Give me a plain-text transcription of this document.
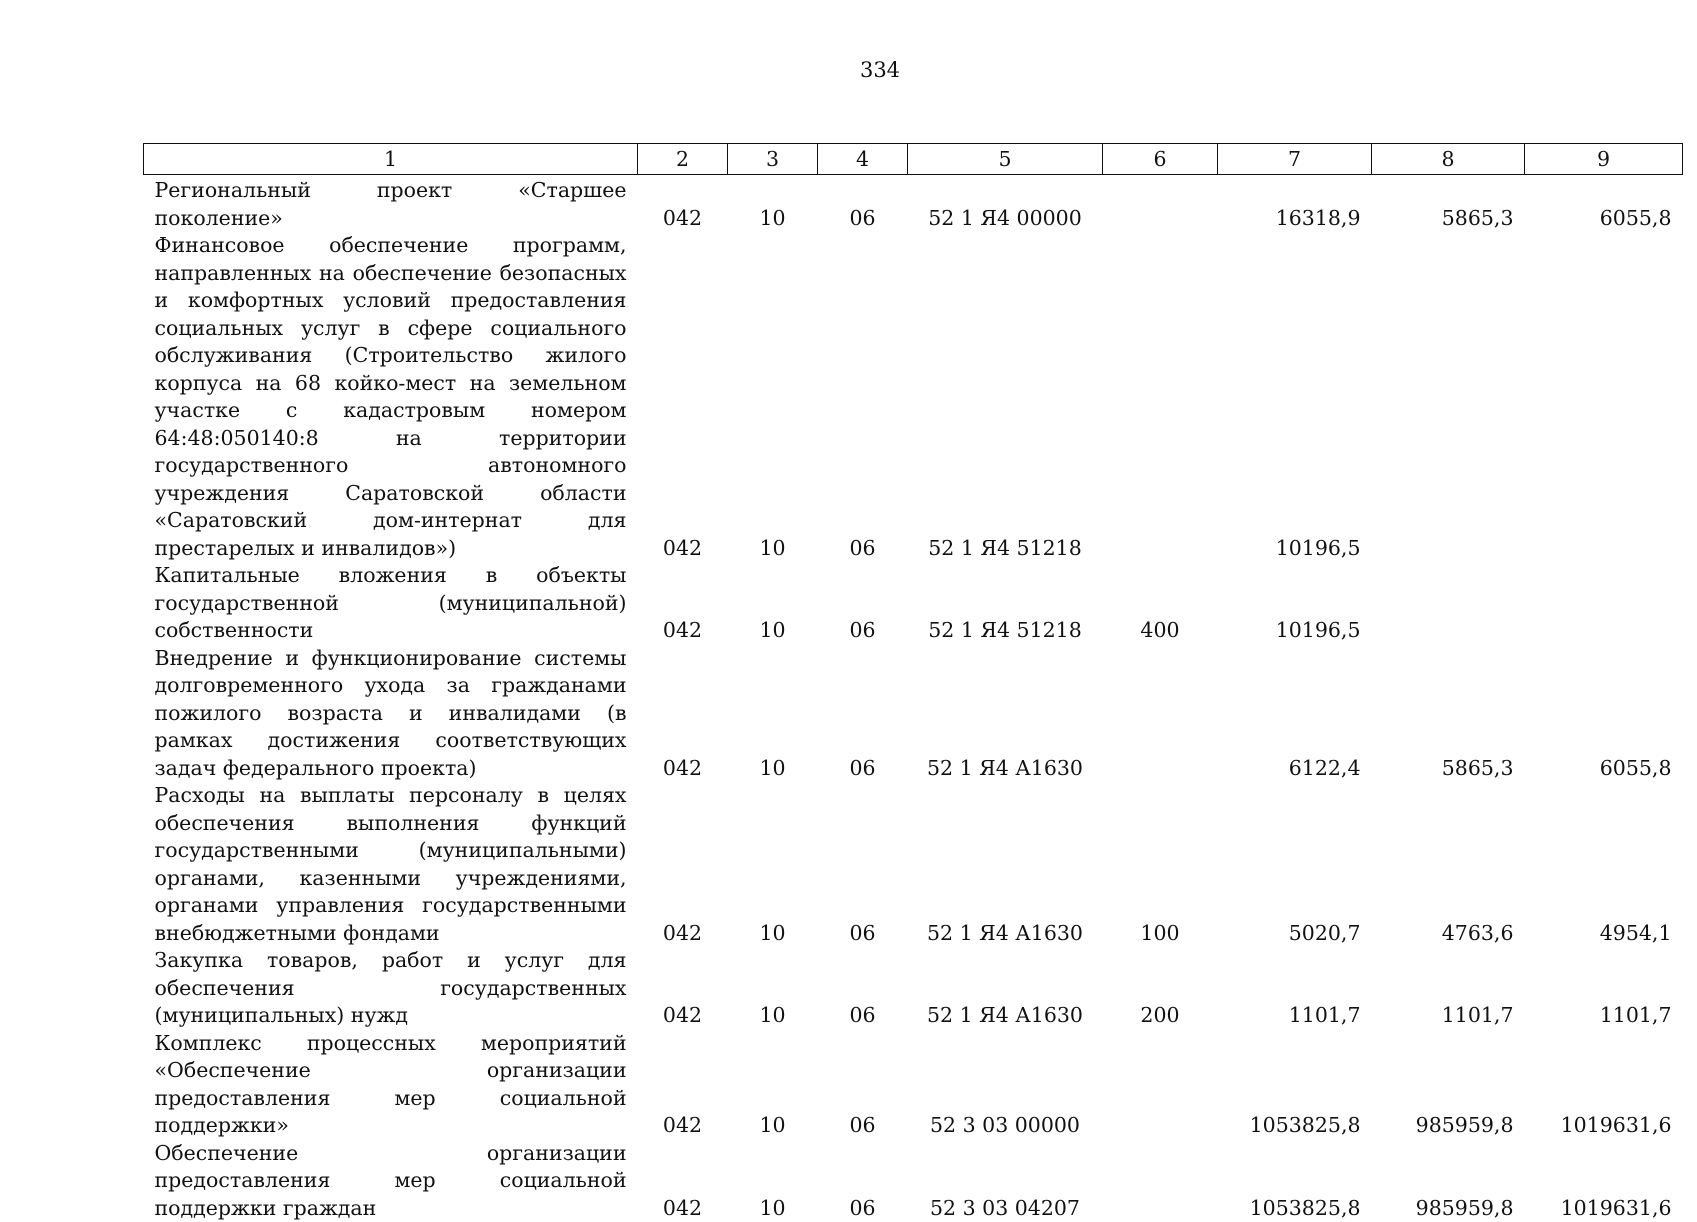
334
1	2	3	4	5	6	7	8	9
Региональный проект «Старшее поколение»	042	10	06	52 1 Я4 00000		16318,9	5865,3	6055,8
Финансовое обеспечение программ, направленных на обеспечение безопасных и комфортных условий предоставления социальных услуг в сфере социального обслуживания (Строительство жилого корпуса на 68 койко-мест на земельном участке с кадастровым номером 64:48:050140:8 на территории государственного автономного учреждения Саратовской области «Саратовский дом-интернат для престарелых и инвалидов»)	042	10	06	52 1 Я4 51218		10196,5		
Капитальные вложения в объекты государственной (муниципальной) собственности	042	10	06	52 1 Я4 51218	400	10196,5		
Внедрение и функционирование системы долговременного ухода за гражданами пожилого возраста и инвалидами (в рамках достижения соответствующих задач федерального проекта)	042	10	06	52 1 Я4 А1630		6122,4	5865,3	6055,8
Расходы на выплаты персоналу в целях обеспечения выполнения функций государственными (муниципальными) органами, казенными учреждениями, органами управления государственными внебюджетными фондами	042	10	06	52 1 Я4 А1630	100	5020,7	4763,6	4954,1
Закупка товаров, работ и услуг для обеспечения государственных (муниципальных) нужд	042	10	06	52 1 Я4 А1630	200	1101,7	1101,7	1101,7
Комплекс процессных мероприятий «Обеспечение организации предоставления мер социальной поддержки»	042	10	06	52 3 03 00000		1053825,8	985959,8	1019631,6
Обеспечение организации предоставления мер социальной поддержки граждан	042	10	06	52 3 03 04207		1053825,8	985959,8	1019631,6
